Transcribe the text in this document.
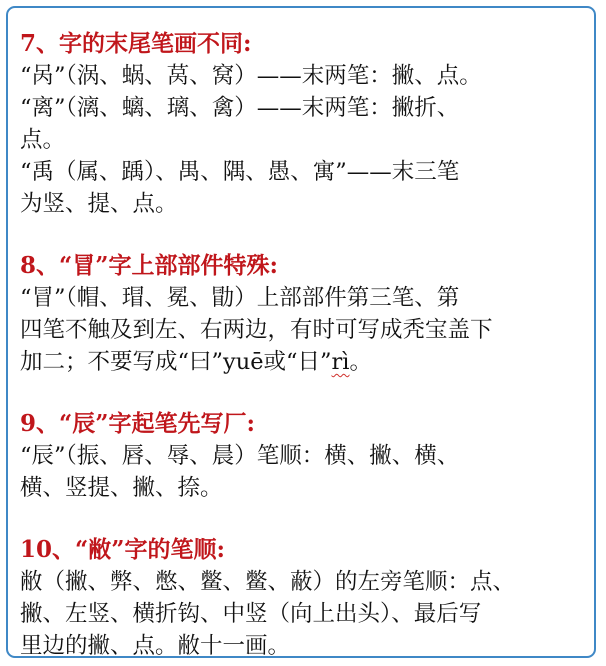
7、字的末尾笔画不同:

“呙”（涡、蜗、莴、窝）——末两笔：撇、点。
“离”（漓、螭、璃、禽）——末两笔：撇折、
点。
“禹（属、踽）、禺、隅、愚、寓”——末三笔
为竖、提、点。

8、“冒”字上部部件特殊:

“冒”（帽、瑁、冕、勖）上部部件第三笔、第
四笔不触及到左、右两边，有时可写成秃宝盖下
加二；不要写成“曰”yuē或“日”rì。

9、“辰”字起笔先写厂:

“辰”（振、唇、辱、晨）笔顺：横、撇、横、
横、竖提、撇、捺。

10、“敝”字的笔顺:

敝（撇、弊、憋、鳖、鳖、蔽）的左旁笔顺：点、
撇、左竖、横折钩、中竖（向上出头）、最后写
里边的撇、点。敝十一画。
